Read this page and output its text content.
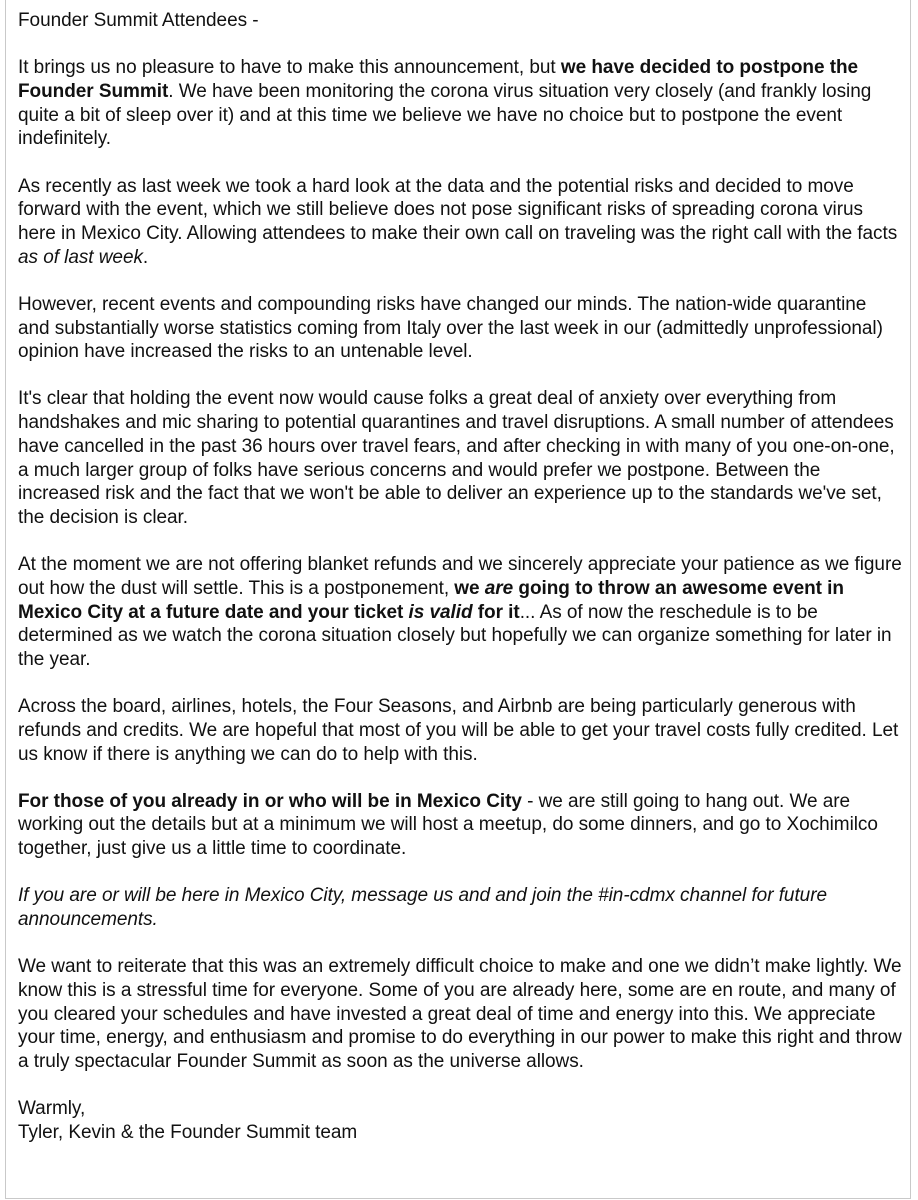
Founder Summit Attendees -

It brings us no pleasure to have to make this announcement, but we have decided to postpone the Founder Summit. We have been monitoring the corona virus situation very closely (and frankly losing quite a bit of sleep over it) and at this time we believe we have no choice but to postpone the event indefinitely.

As recently as last week we took a hard look at the data and the potential risks and decided to move forward with the event, which we still believe does not pose significant risks of spreading corona virus here in Mexico City. Allowing attendees to make their own call on traveling was the right call with the facts as of last week.

However, recent events and compounding risks have changed our minds. The nation-wide quarantine and substantially worse statistics coming from Italy over the last week in our (admittedly unprofessional) opinion have increased the risks to an untenable level.

It's clear that holding the event now would cause folks a great deal of anxiety over everything from handshakes and mic sharing to potential quarantines and travel disruptions. A small number of attendees have cancelled in the past 36 hours over travel fears, and after checking in with many of you one-on-one, a much larger group of folks have serious concerns and would prefer we postpone. Between the increased risk and the fact that we won't be able to deliver an experience up to the standards we've set, the decision is clear.

At the moment we are not offering blanket refunds and we sincerely appreciate your patience as we figure out how the dust will settle. This is a postponement, we are going to throw an awesome event in Mexico City at a future date and your ticket is valid for it... As of now the reschedule is to be determined as we watch the corona situation closely but hopefully we can organize something for later in the year.

Across the board, airlines, hotels, the Four Seasons, and Airbnb are being particularly generous with refunds and credits. We are hopeful that most of you will be able to get your travel costs fully credited. Let us know if there is anything we can do to help with this.

For those of you already in or who will be in Mexico City - we are still going to hang out. We are working out the details but at a minimum we will host a meetup, do some dinners, and go to Xochimilco together, just give us a little time to coordinate.

If you are or will be here in Mexico City, message us and and join the #in-cdmx channel for future announcements.

We want to reiterate that this was an extremely difficult choice to make and one we didn’t make lightly. We know this is a stressful time for everyone. Some of you are already here, some are en route, and many of you cleared your schedules and have invested a great deal of time and energy into this. We appreciate your time, energy, and enthusiasm and promise to do everything in our power to make this right and throw a truly spectacular Founder Summit as soon as the universe allows.

Warmly,

Tyler, Kevin & the Founder Summit team
